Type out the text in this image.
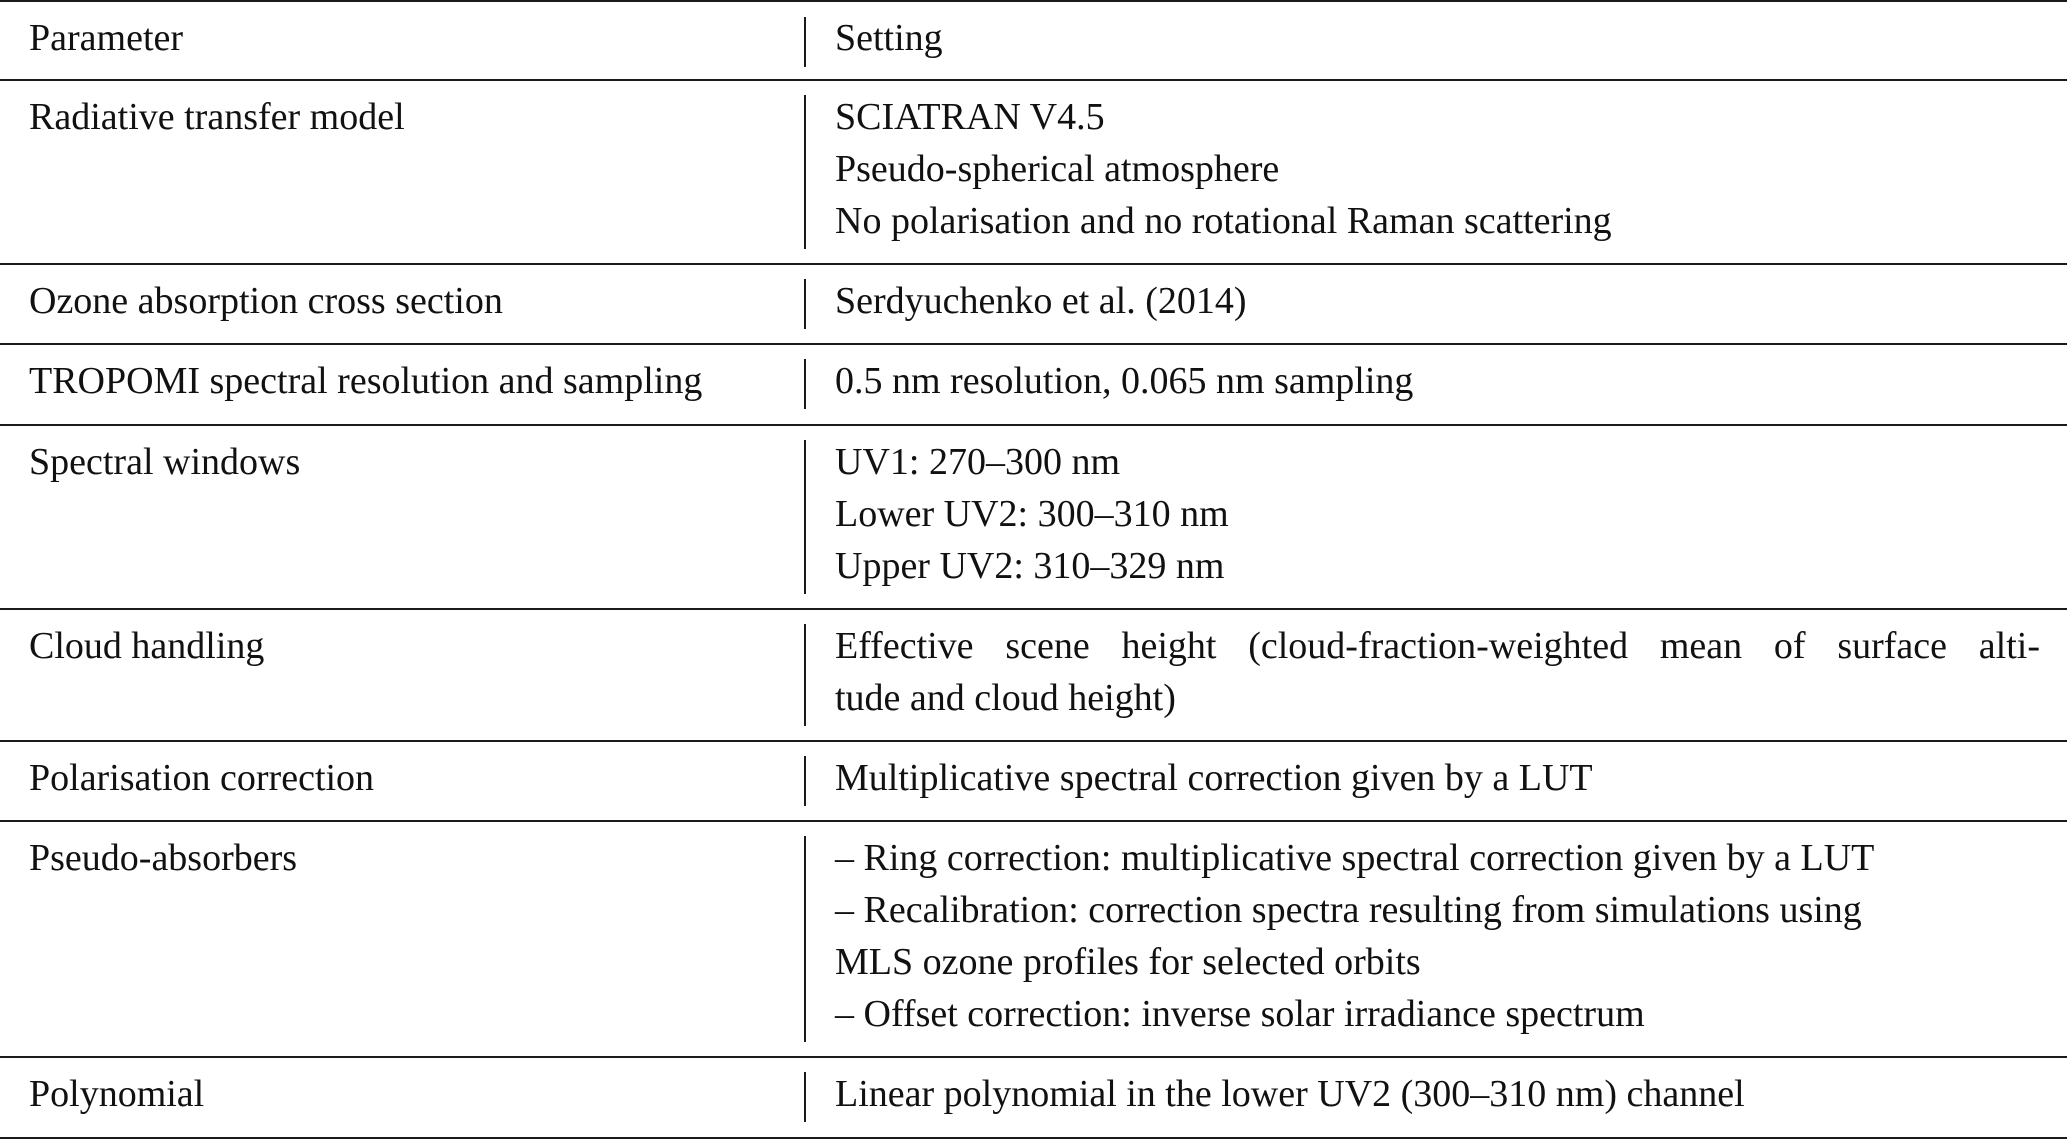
Parameter	Setting
Radiative transfer model	SCIATRAN V4.5
Pseudo-spherical atmosphere
No polarisation and no rotational Raman scattering
Ozone absorption cross section	Serdyuchenko et al. (2014)
TROPOMI spectral resolution and sampling	0.5 nm resolution, 0.065 nm sampling
Spectral windows	UV1: 270–300 nm
Lower UV2: 300–310 nm
Upper UV2: 310–329 nm
Cloud handling	Effective scene height (cloud-fraction-weighted mean of surface alti-
tude and cloud height)
Polarisation correction	Multiplicative spectral correction given by a LUT
Pseudo-absorbers	– Ring correction: multiplicative spectral correction given by a LUT
– Recalibration: correction spectra resulting from simulations using
MLS ozone profiles for selected orbits
– Offset correction: inverse solar irradiance spectrum
Polynomial	Linear polynomial in the lower UV2 (300–310 nm) channel
